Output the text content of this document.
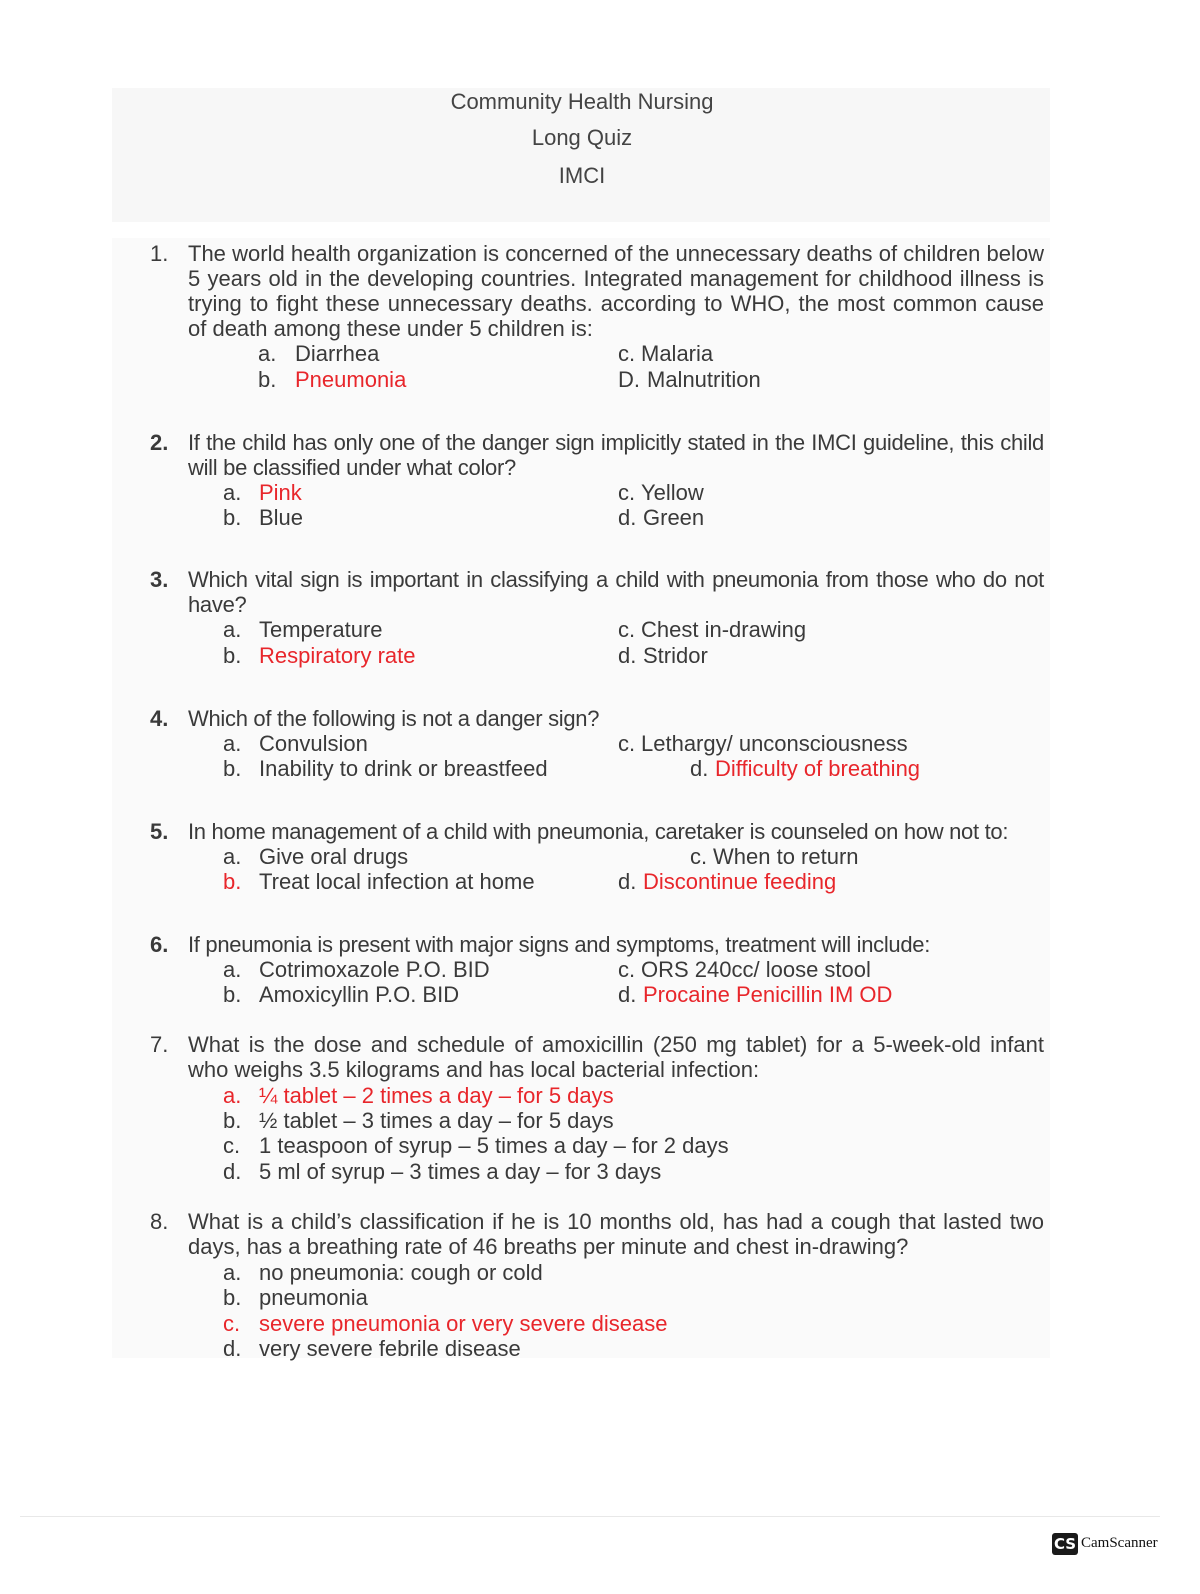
Community Health Nursing
Long Quiz
IMCI
1. The world health organization is concerned of the unnecessary deaths of children below 5 years old in the developing countries. Integrated management for childhood illness is trying to fight these unnecessary deaths. according to WHO, the most common cause of death among these under 5 children is:
a. Diarrhea
b. Pneumonia
c. Malaria
D. Malnutrition
2. If the child has only one of the danger sign implicitly stated in the IMCI guideline, this child will be classified under what color?
a. Pink
b. Blue
c. Yellow
d. Green
3. Which vital sign is important in classifying a child with pneumonia from those who do not have?
a. Temperature
b. Respiratory rate
c. Chest in-drawing
d. Stridor
4. Which of the following is not a danger sign?
a. Convulsion
b. Inability to drink or breastfeed
c. Lethargy/ unconsciousness
d. Difficulty of breathing
5. In home management of a child with pneumonia, caretaker is counseled on how not to:
a. Give oral drugs
b. Treat local infection at home
c. When to return
d. Discontinue feeding
6. If pneumonia is present with major signs and symptoms, treatment will include:
a. Cotrimoxazole P.O. BID
b. Amoxicyllin P.O. BID
c. ORS 240cc/ loose stool
d. Procaine Penicillin IM OD
7. What is the dose and schedule of amoxicillin (250 mg tablet) for a 5-week-old infant who weighs 3.5 kilograms and has local bacterial infection:
a. ¼ tablet – 2 times a day – for 5 days
b. ½ tablet – 3 times a day – for 5 days
c. 1 teaspoon of syrup – 5 times a day – for 2 days
d. 5 ml of syrup – 3 times a day – for 3 days
8. What is a child’s classification if he is 10 months old, has had a cough that lasted two days, has a breathing rate of 46 breaths per minute and chest in-drawing?
a. no pneumonia: cough or cold
b. pneumonia
c. severe pneumonia or very severe disease
d. very severe febrile disease
CS CamScanner
